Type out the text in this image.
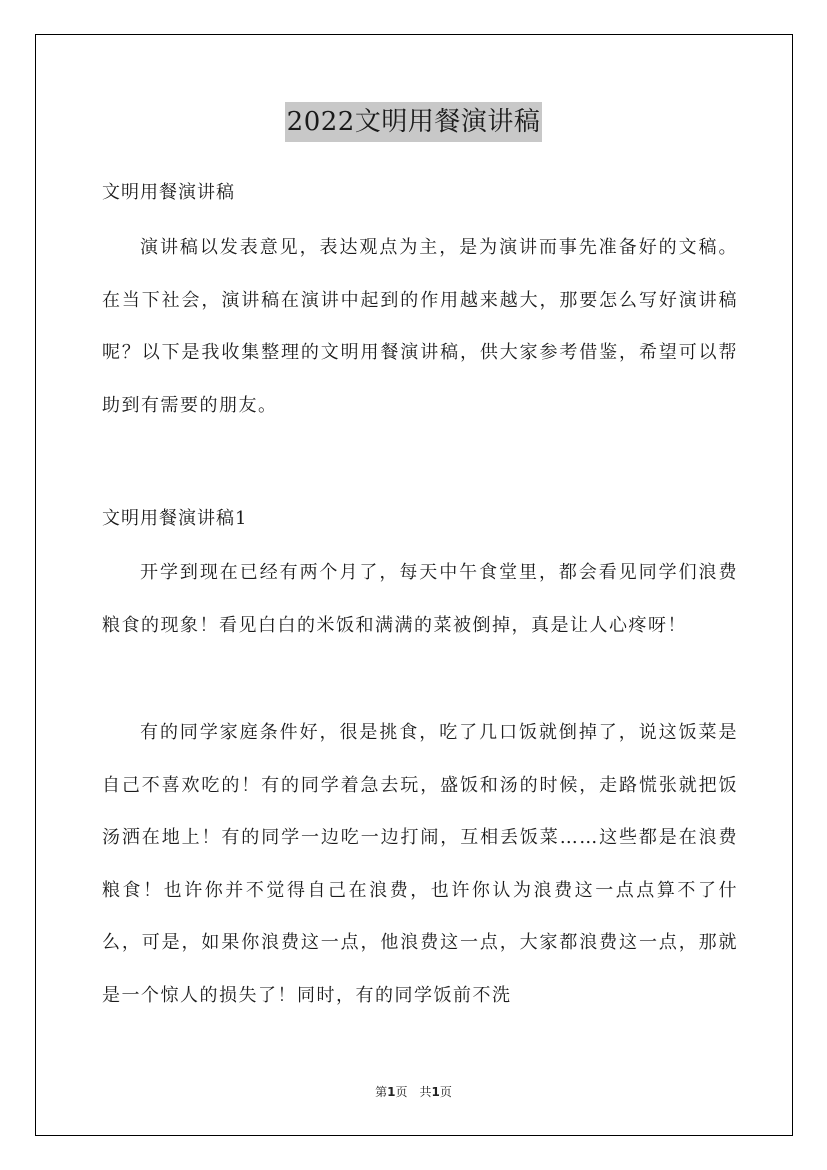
2022文明用餐演讲稿

文明用餐演讲稿

演讲稿以发表意见，表达观点为主，是为演讲而事先准备好的文稿。在当下社会，演讲稿在演讲中起到的作用越来越大，那要怎么写好演讲稿呢？以下是我收集整理的文明用餐演讲稿，供大家参考借鉴，希望可以帮助到有需要的朋友。

文明用餐演讲稿1

开学到现在已经有两个月了，每天中午食堂里，都会看见同学们浪费粮食的现象！看见白白的米饭和满满的菜被倒掉，真是让人心疼呀！

有的同学家庭条件好，很是挑食，吃了几口饭就倒掉了，说这饭菜是自己不喜欢吃的！有的同学着急去玩，盛饭和汤的时候，走路慌张就把饭汤洒在地上！有的同学一边吃一边打闹，互相丢饭菜……这些都是在浪费粮食！也许你并不觉得自己在浪费，也许你认为浪费这一点点算不了什么，可是，如果你浪费这一点，他浪费这一点，大家都浪费这一点，那就是一个惊人的损失了！同时，有的同学饭前不洗

第1页　共1页
